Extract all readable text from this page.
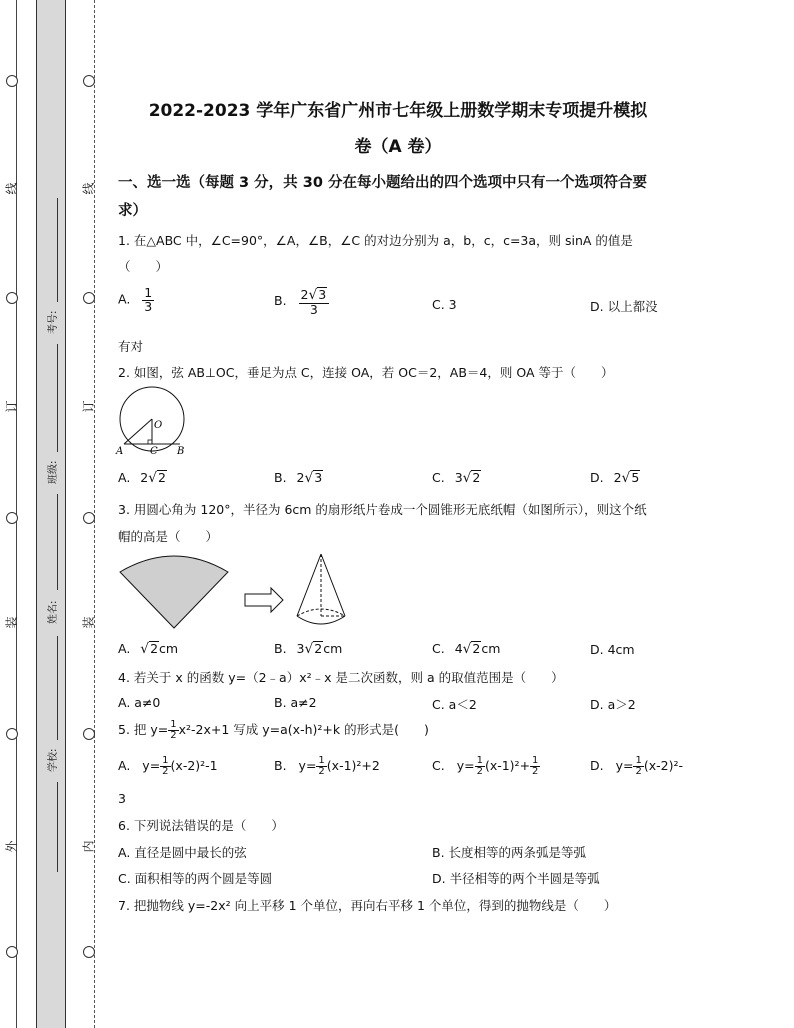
线
订
装
外
线
订
装
内
考号:
班级:
姓名:
学校:
2022-2023 学年广东省广州市七年级上册数学期末专项提升模拟
卷（A 卷）
一、选一选（每题 3 分，共 30 分在每小题给出的四个选项中只有一个选项符合要
求）
1. 在△ABC 中，∠C=90°，∠A，∠B，∠C 的对边分别为 a，b，c，c=3a，则 sinA 的值是
（　　）
A. $\frac{1}{3}$	B. $\frac{2√3}{3}$	C. 3	D. 以上都没
有对
2. 如图，弦 AB⊥OC，垂足为点 C，连接 OA，若 OC＝2，AB＝4，则 OA 等于（　　）
O
A	C B
A. 2√2	B. 2√3	C. 3√2	D. 2√5
3. 用圆心角为 120°，半径为 6cm 的扇形纸片卷成一个圆锥形无底纸帽（如图所示），则这个纸
帽的高是（　　）
A. √2cm	B. 3√2cm	C. 4√2cm	D. 4cm
4. 若关于 x 的函数 y=（2﹣a）x²﹣x 是二次函数，则 a 的取值范围是（　　）
A. a≠0	B. a≠2	C. a＜2	D. a＞2
5. 把 $y= \frac{1}{2} x^2-2x+1$ 写成 y=a(x-h)²+k 的形式是(　　)
A. $y= \frac{1}{2} (x-2)^2-1$	B. $y= \frac{1}{2} (x-1)^2+2$	C. $y= \frac{1}{2} (x-1)^2+ \frac{1}{2}$	D. $y= \frac{1}{2} (x-2)^2-$
3
6. 下列说法错误的是（　　）
A. 直径是圆中最长的弦	B. 长度相等的两条弧是等弧
C. 面积相等的两个圆是等圆	D. 半径相等的两个半圆是等弧
7. 把抛物线 y=-2x² 向上平移 1 个单位，再向右平移 1 个单位，得到的抛物线是（　　）
